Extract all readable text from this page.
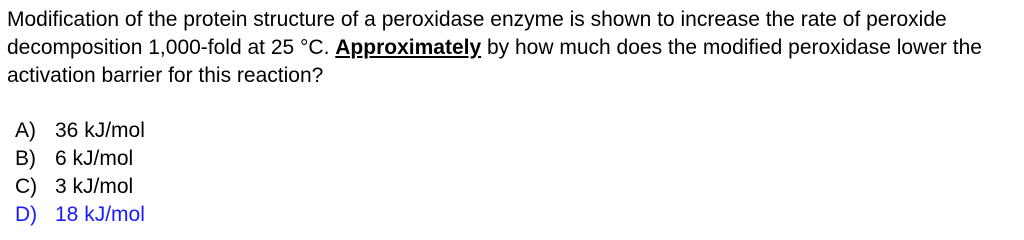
Modification of the protein structure of a peroxidase enzyme is shown to increase the rate of peroxide decomposition 1,000-fold at 25 °C. Approximately by how much does the modified peroxidase lower the activation barrier for this reaction?

A) 36 kJ/mol
B) 6 kJ/mol
C) 3 kJ/mol
D) 18 kJ/mol
